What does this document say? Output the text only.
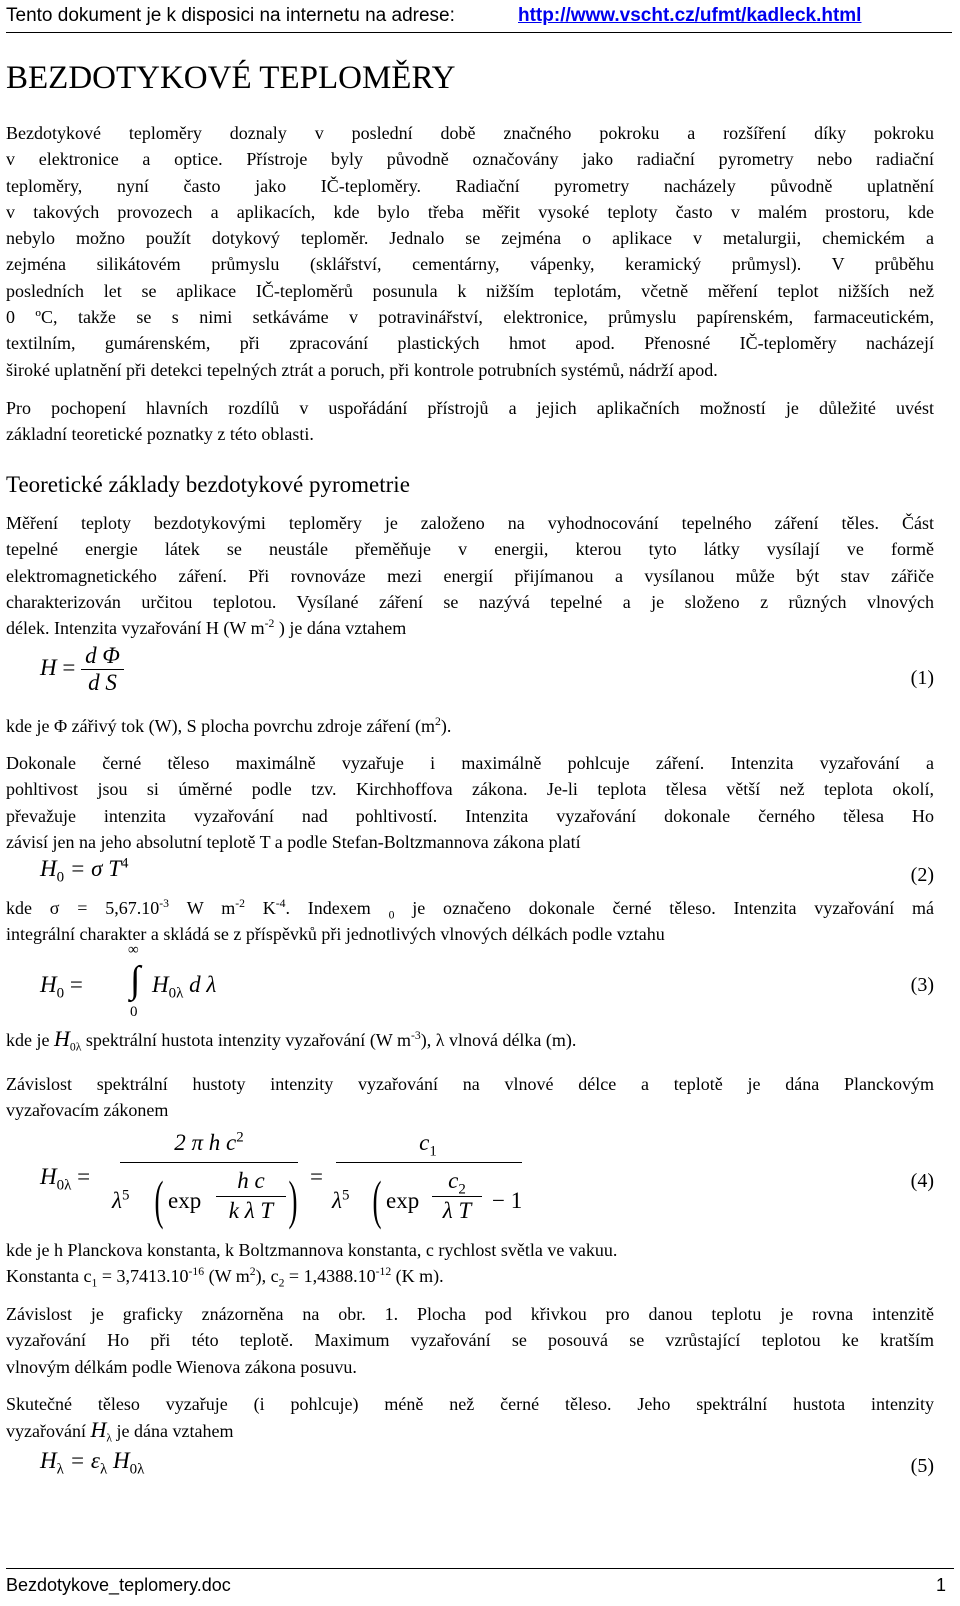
Tento dokument je k disposici na internetu na adrese:	http://www.vscht.cz/ufmt/kadleck.html
BEZDOTYKOVÉ TEPLOMĚRY
Bezdotykové teploměry doznaly v poslední době značného pokroku a rozšíření díky pokroku
v elektronice a optice. Přístroje byly původně označovány jako radiační pyrometry nebo radiační
teploměry, nyní často jako IČ-teploměry. Radiační pyrometry nacházely původně uplatnění
v takových provozech a aplikacích, kde bylo třeba měřit vysoké teploty často v malém prostoru, kde
nebylo možno použít dotykový teploměr. Jednalo se zejména o aplikace v metalurgii, chemickém a
zejména silikátovém průmyslu (sklářství, cementárny, vápenky, keramický průmysl). V průběhu
posledních let se aplikace IČ-teploměrů posunula k nižším teplotám, včetně měření teplot nižších než
0 ºC, takže se s nimi setkáváme v potravinářství, elektronice, průmyslu papírenském, farmaceutickém,
textilním, gumárenském, při zpracování plastických hmot apod. Přenosné IČ-teploměry nacházejí
široké uplatnění při detekci tepelných ztrát a poruch, při kontrole potrubních systémů, nádrží apod.
Pro pochopení hlavních rozdílů v uspořádání přístrojů a jejich aplikačních možností je důležité uvést
základní teoretické poznatky z této oblasti.
Teoretické základy bezdotykové pyrometrie
Měření teploty bezdotykovými teploměry je založeno na vyhodnocování tepelného záření těles. Část
tepelné energie látek se neustále přeměňuje v energii, kterou tyto látky vysílají ve formě
elektromagnetického záření. Při rovnováze mezi energií přijímanou a vysílanou může být stav zářiče
charakterizován určitou teplotou. Vysílané záření se nazývá tepelné a je složeno z různých vlnových
délek. Intenzita vyzařování H (W $m^{-2}$ ) je dána vztahem
$H = \frac{\text{d Φ}}{\text{d S}}$	(1)
kde je Φ zářivý tok (W), S plocha povrchu zdroje záření $(m^2)$.
Dokonale černé těleso maximálně vyzařuje i maximálně pohlcuje záření. Intenzita vyzařování a
pohltivost jsou si úměrné podle tzv. Kirchhoffova zákona. Je-li teplota tělesa větší než teplota okolí,
převažuje intenzita vyzařování nad pohltivostí. Intenzita vyzařování dokonale černého tělesa Ho
závisí jen na jeho absolutní teplotě T a podle Stefan-Boltzmannova zákona platí
$H_0 = \sigma$ $T^4$
(2)
kde $\sigma = 5,67.10^{-3}$ W $m^{-2}$ $K^{-4}$. Indexem $_0$ je označeno dokonale černé těleso. Intenzita vyzařování má
integrální charakter a skládá se z příspěvků při jednotlivých vlnových délkách podle vztahu
$H_0$ =
∞
∫
0
$H_{0\lambda}$ d λ	(3)
kde je $H_{0\lambda}$ spektrální hustota intenzity vyzařování (W $m^{-3}$), λ vlnová délka (m).
Závislost spektrální hustoty intenzity vyzařování na vlnové délce a teplotě je dána Planckovým
vyzařovacím zákonem
$H_{0\lambda}$ =
2 π h $c^2$
$\lambda^5$ ( exp
h c
k λ T ) =
$c_1$
$\lambda^5$ ( exp
$c_2$
λ T − 1
(4)
kde je h Planckova konstanta, k Boltzmannova konstanta, c rychlost světla ve vakuu.
Konstanta $c_1 = 3,7413.10^{-16}$ (W $m^2$), $c_2 = 1,4388.10^{-12}$ (K m).
Závislost je graficky znázorněna na obr. 1. Plocha pod křivkou pro danou teplotu je rovna intenzitě
vyzařování Ho při této teplotě. Maximum vyzařování se posouvá se vzrůstající teplotou ke kratším
vlnovým délkám podle Wienova zákona posuvu.
Skutečné těleso vyzařuje (i pohlcuje) méně než černé těleso. Jeho spektrální hustota intenzity
vyzařování $H_\lambda$ je dána vztahem
$H_\lambda = \varepsilon_\lambda$ $H_{0\lambda}$	(5)
Bezdotykove_teplomery.doc	1
